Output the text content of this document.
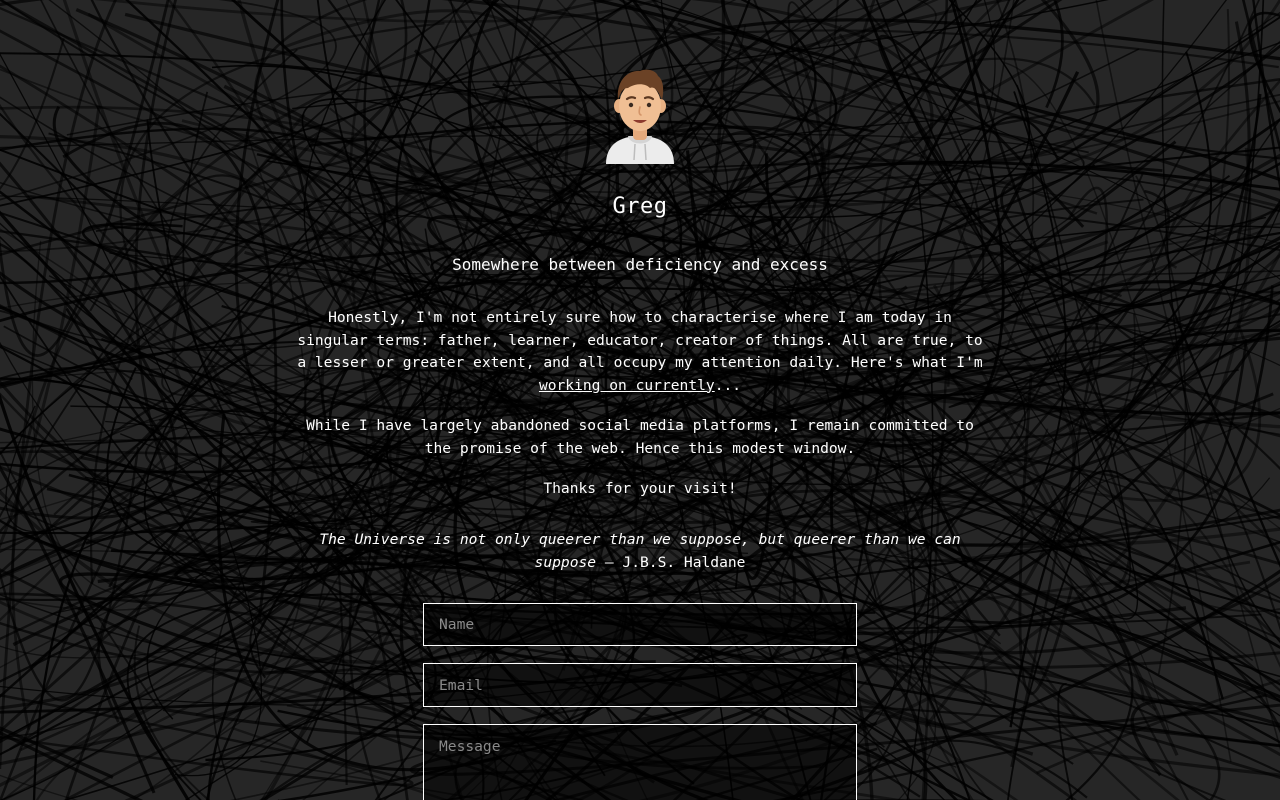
Greg
Somewhere between deficiency and excess
Honestly, I'm not entirely sure how to characterise where I am today in singular terms: father, learner, educator, creator of things. All are true, to a lesser or greater extent, and all occupy my attention daily. Here's what I'm working on currently...
While I have largely abandoned social media platforms, I remain committed to the promise of the web. Hence this modest window.
Thanks for your visit!
The Universe is not only queerer than we suppose, but queerer than we can suppose — J.B.S. Haldane
Name
Email
Message
